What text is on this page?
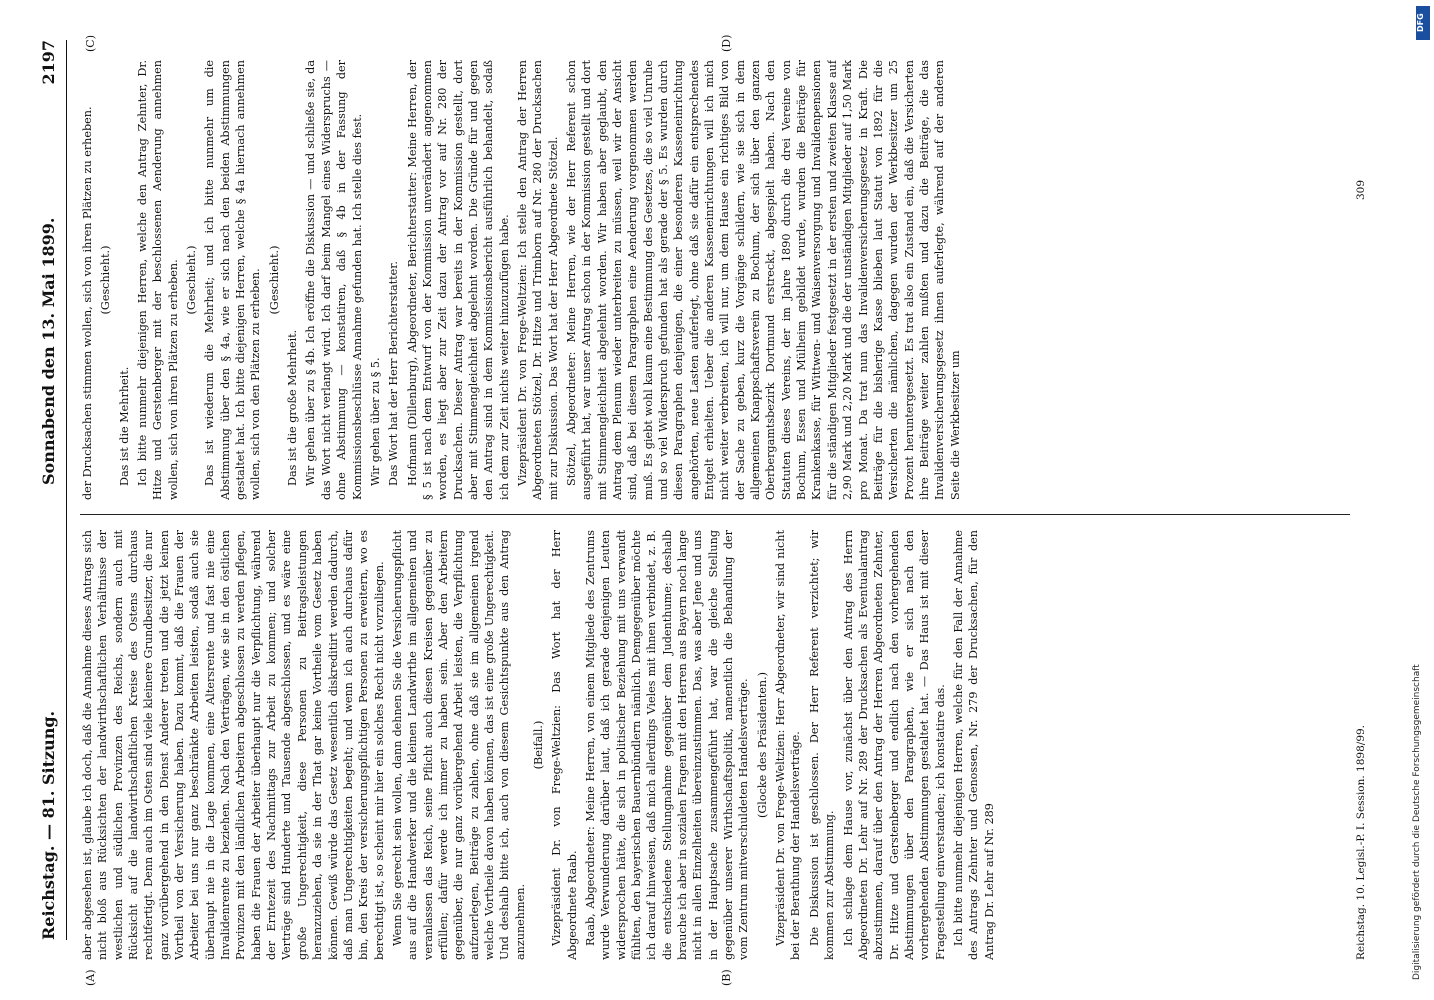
Reichstag. — 81. Sitzung.
Sonnabend den 13. Mai 1899.
2197
(A)	(B)
(C)	(D)

aber abgesehen ist, glaube ich doch, daß die Annahme dieses Antrags sich nicht bloß aus Rücksichten der landwirthschaftlichen Verhältnisse der westlichen und südlichen Provinzen des Reichs, sondern auch mit Rücksicht auf die landwirthschaftlichen Kreise des Ostens durchaus rechtfertigt. Denn auch im Osten sind viele kleinere Grundbesitzer, die nur ganz vorübergehend in den Dienst Anderer treten und die jetzt keinen Vortheil von der Versicherung haben. Dazu kommt, daß die Frauen der Arbeiter bei uns nur ganz beschränkte Arbeiten leisten, sodaß auch sie überhaupt nie in die Lage kommen, eine Altersrente und fast nie eine Invalidenrente zu beziehen. Nach den Verträgen, wie sie in den östlichen Provinzen mit den ländlichen Arbeitern abgeschlossen zu werden pflegen, haben die Frauen der Arbeiter überhaupt nur die Verpflichtung, während der Erntezeit des Nachmittags zur Arbeit zu kommen; und solcher Verträge sind Hunderte und Tausende abgeschlossen, und es wäre eine große Ungerechtigkeit, diese Personen zu Beitragsleistungen heranzuziehen, da sie in der That gar keine Vortheile vom Gesetz haben können. Gewiß würde das Gesetz wesentlich diskreditirt werden dadurch, daß man Ungerechtigkeiten begeht; und wenn ich auch durchaus dafür bin, den Kreis der versicherungspflichtigen Personen zu erweitern, wo es berechtigt ist, so scheint mir hier ein solches Recht nicht vorzuliegen. Wenn Sie gerecht sein wollen, dann dehnen Sie die Versicherungspflicht aus auf die Handwerker und die kleinen Landwirthe im allgemeinen und veranlassen das Reich, seine Pflicht auch diesen Kreisen gegenüber zu erfüllen; dafür werde ich immer zu haben sein. Aber den Arbeitern gegenüber, die nur ganz vorübergehend Arbeit leisten, die Verpflichtung aufzuerlegen, Beiträge zu zahlen, ohne daß sie im allgemeinen irgend welche Vortheile davon haben können, das ist eine große Ungerechtigkeit. Und deshalb bitte ich, auch von diesem Gesichtspunkte aus den Antrag anzunehmen.

(Beifall.) Vizepräsident Dr. von Frege-Weltzien: Das Wort hat der Herr Abgeordnete Raab. Raab, Abgeordneter: Meine Herren, von einem Mitgliede des Zentrums wurde Verwunderung darüber laut, daß ich gerade denjenigen Leuten widersprochen hätte, die sich in politischer Beziehung mit uns verwandt fühlten, den bayerischen Bauernbündlern nämlich. Demgegenüber möchte ich darauf hinweisen, daß mich allerdings Vieles mit ihnen verbindet, z. B. die entschiedene Stellungnahme gegenüber dem Judenthume; deshalb brauche ich aber in sozialen Fragen mit den Herren aus Bayern noch lange nicht in allen Einzelheiten übereinzustimmen. Das, was aber Jene und uns in der Hauptsache zusammengeführt hat, war die gleiche Stellung gegenüber unserer Wirthschaftspolitik, namentlich die Behandlung der vom Zentrum mitverschuldeten Handelsverträge. (Glocke des Präsidenten.) Vizepräsident Dr. von Frege-Weltzien: Herr Abgeordneter, wir sind nicht bei der Berathung der Handelsverträge. Die Diskussion ist geschlossen. Der Herr Referent verzichtet; wir kommen zur Abstimmung. Ich schlage dem Hause vor, zunächst über den Antrag des Herrn Abgeordneten Dr. Lehr auf Nr. 289 der Drucksachen als Eventualantrag abzustimmen, darauf über den Antrag der Herren Abgeordneten Zehnter, Dr. Hitze und Gerstenberger und endlich nach den vorhergehenden Abstimmungen über den Paragraphen, wie er sich nach den vorhergehenden Abstimmungen gestaltet hat. — Das Haus ist mit dieser Fragestellung einverstanden; ich konstatire das. Ich bitte nunmehr diejenigen Herren, welche für den Fall der Annahme des Antrags Zehnter und Genossen, Nr. 279 der Drucksachen, für den Antrag Dr. Lehr auf Nr. 289

der Drucksachen stimmen wollen, sich von ihren Plätzen zu erheben. (Geschieht.)

Das ist die Mehrheit. Ich bitte nunmehr diejenigen Herren, welche den Antrag Zehnter, Dr. Hitze und Gerstenberger mit der beschlossenen Aenderung annehmen wollen, sich von ihren Plätzen zu erheben. (Geschieht.) Das ist wiederum die Mehrheit; und ich bitte nunmehr um die Abstimmung über den § 4a, wie er sich nach den beiden Abstimmungen gestaltet hat. Ich bitte diejenigen Herren, welche § 4a hiernach annehmen wollen, sich von den Plätzen zu erheben. (Geschieht.)

Das ist die große Mehrheit. Wir gehen über zu § 4b. Ich eröffne die Diskussion — und schließe sie, da das Wort nicht verlangt wird. Ich darf beim Mangel eines Widerspruchs — ohne Abstimmung — konstatiren, daß § 4b in der Fassung der Kommissionsbeschlüsse Annahme gefunden hat. Ich stelle dies fest. Wir gehen über zu § 5. Das Wort hat der Herr Berichterstatter. Hofmann (Dillenburg), Abgeordneter, Berichterstatter: Meine Herren, der § 5 ist nach dem Entwurf von der Kommission unverändert angenommen worden, es liegt aber zur Zeit dazu der Antrag vor auf Nr. 280 der Drucksachen. Dieser Antrag war bereits in der Kommission gestellt, dort aber mit Stimmengleichheit abgelehnt worden. Die Gründe für und gegen den Antrag sind in dem Kommissionsbericht ausführlich behandelt, sodaß ich dem zur Zeit nichts weiter hinzuzufügen habe. Vizepräsident Dr. von Frege-Weltzien: Ich stelle den Antrag der Herren Abgeordneten Stötzel, Dr. Hitze und Trimborn auf Nr. 280 der Drucksachen mit zur Diskussion. Das Wort hat der Herr Abgeordnete Stötzel. Stötzel, Abgeordneter: Meine Herren, wie der Herr Referent schon ausgeführt hat, war unser Antrag schon in der Kommission gestellt und dort mit Stimmengleichheit abgelehnt worden. Wir haben aber geglaubt, den Antrag dem Plenum wieder unterbreiten zu müssen, weil wir der Ansicht sind, daß bei diesem Paragraphen eine Aenderung vorgenommen werden muß. Es giebt wohl kaum eine Bestimmung des Gesetzes, die so viel Unruhe und so viel Widerspruch gefunden hat als gerade der § 5. Es wurden durch diesen Paragraphen denjenigen, die einer besonderen Kasseneinrichtung angehörten, neue Lasten auferlegt, ohne daß sie dafür ein entsprechendes Entgelt erhielten. Ueber die anderen Kasseneinrichtungen will ich mich nicht weiter verbreiten, ich will nur, um dem Hause ein richtiges Bild von der Sache zu geben, kurz die Vorgänge schildern, wie sie sich in dem allgemeinen Knappschaftsverein zu Bochum, der sich über den ganzen Oberbergamtsbezirk Dortmund erstreckt, abgespielt haben. Nach den Statuten dieses Vereins, der im Jahre 1890 durch die drei Vereine von Bochum, Essen und Mülheim gebildet wurde, wurden die Beiträge für Krankenkasse, für Wittwen- und Waisenversorgung und Invalidenpensionen für die ständigen Mitglieder festgesetzt in der ersten und zweiten Klasse auf 2,90 Mark und 2,20 Mark und die der unständigen Mitglieder auf 1,50 Mark pro Monat. Da trat nun das Invalidenversicherungsgesetz in Kraft. Die Beiträge für die bisherige Kasse blieben laut Statut von 1892 für die Versicherten die nämlichen, dagegen wurden der Werkbesitzer um 25 Prozent heruntergesetzt. Es trat also ein Zustand ein, daß die Versicherten ihre Beiträge weiter zahlen mußten und dazu die Beiträge, die das Invalidenversicherungsgesetz ihnen auferlegte, während auf der anderen Seite die Werkbesitzer um

Reichstag. 10. Legisl.-P. I. Session. 1898/99.
309
DFG
Digitalisierung gefördert durch die Deutsche Forschungsgemeinschaft
